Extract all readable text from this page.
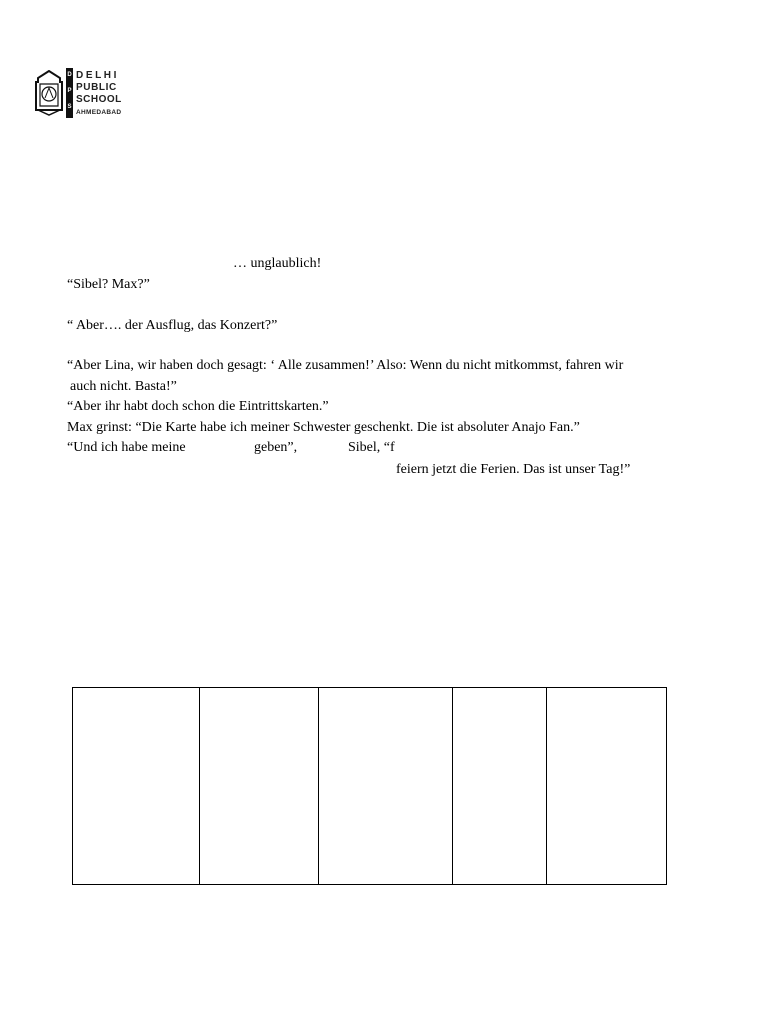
D
P
S
DELHI
PUBLIC
SCHOOL
AHMEDABAD
… unglaublich!
“Sibel? Max?”
“ Aber…. der Ausflug, das Konzert?”
“Aber Lina, wir haben doch gesagt: ‘ Alle zusammen!’ Also: Wenn du nicht mitkommst, fahren wir
auch nicht. Basta!”
“Aber ihr habt doch schon die Eintrittskarten.”
Max grinst: “Die Karte habe ich meiner Schwester geschenkt. Die ist absoluter Anajo Fan.”
“Und ich habe meine	geben”,	Sibel, “f
feiern jetzt die Ferien. Das ist unser Tag!”
